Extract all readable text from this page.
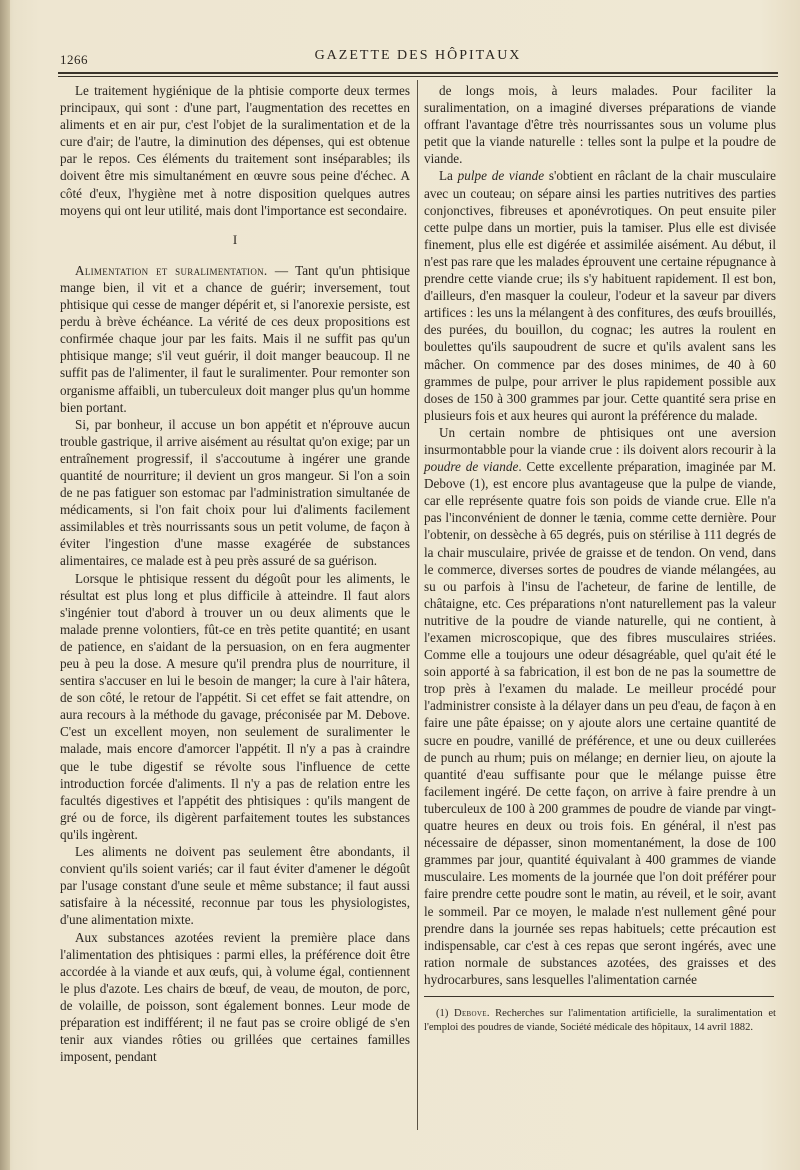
1266	GAZETTE DES HÔPITAUX

Le traitement hygiénique de la phtisie comporte deux termes principaux, qui sont : d'une part, l'augmentation des recettes en aliments et en air pur, c'est l'objet de la suralimentation et de la cure d'air; de l'autre, la diminution des dépenses, qui est obtenue par le repos. Ces éléments du traitement sont inséparables; ils doivent être mis simultanément en œuvre sous peine d'échec. A côté d'eux, l'hygiène met à notre disposition quelques autres moyens qui ont leur utilité, mais dont l'importance est secondaire.

I

Alimentation et suralimentation. — Tant qu'un phtisique mange bien, il vit et a chance de guérir; inversement, tout phtisique qui cesse de manger dépérit et, si l'anorexie persiste, est perdu à brève échéance. La vérité de ces deux propositions est confirmée chaque jour par les faits. Mais il ne suffit pas qu'un phtisique mange; s'il veut guérir, il doit manger beaucoup. Il ne suffit pas de l'alimenter, il faut le suralimenter. Pour remonter son organisme affaibli, un tuberculeux doit manger plus qu'un homme bien portant.

Si, par bonheur, il accuse un bon appétit et n'éprouve aucun trouble gastrique, il arrive aisément au résultat qu'on exige; par un entraînement progressif, il s'accoutume à ingérer une grande quantité de nourriture; il devient un gros mangeur. Si l'on a soin de ne pas fatiguer son estomac par l'administration simultanée de médicaments, si l'on fait choix pour lui d'aliments facilement assimilables et très nourrissants sous un petit volume, de façon à éviter l'ingestion d'une masse exagérée de substances alimentaires, ce malade est à peu près assuré de sa guérison.

Lorsque le phtisique ressent du dégoût pour les aliments, le résultat est plus long et plus difficile à atteindre. Il faut alors s'ingénier tout d'abord à trouver un ou deux aliments que le malade prenne volontiers, fût-ce en très petite quantité; en usant de patience, en s'aidant de la persuasion, on en fera augmenter peu à peu la dose. A mesure qu'il prendra plus de nourriture, il sentira s'accuser en lui le besoin de manger; la cure à l'air hâtera, de son côté, le retour de l'appétit. Si cet effet se fait attendre, on aura recours à la méthode du gavage, préconisée par M. Debove. C'est un excellent moyen, non seulement de suralimenter le malade, mais encore d'amorcer l'appétit. Il n'y a pas à craindre que le tube digestif se révolte sous l'influence de cette introduction forcée d'aliments. Il n'y a pas de relation entre les facultés digestives et l'appétit des phtisiques : qu'ils mangent de gré ou de force, ils digèrent parfaitement toutes les substances qu'ils ingèrent.

Les aliments ne doivent pas seulement être abondants, il convient qu'ils soient variés; car il faut éviter d'amener le dégoût par l'usage constant d'une seule et même substance; il faut aussi satisfaire à la nécessité, reconnue par tous les physiologistes, d'une alimentation mixte.

Aux substances azotées revient la première place dans l'alimentation des phtisiques : parmi elles, la préférence doit être accordée à la viande et aux œufs, qui, à volume égal, contiennent le plus d'azote. Les chairs de bœuf, de veau, de mouton, de porc, de volaille, de poisson, sont également bonnes. Leur mode de préparation est indifférent; il ne faut pas se croire obligé de s'en tenir aux viandes rôties ou grillées que certaines familles imposent, pendant

de longs mois, à leurs malades. Pour faciliter la suralimentation, on a imaginé diverses préparations de viande offrant l'avantage d'être très nourrissantes sous un volume plus petit que la viande naturelle : telles sont la pulpe et la poudre de viande.

La pulpe de viande s'obtient en râclant de la chair musculaire avec un couteau; on sépare ainsi les parties nutritives des parties conjonctives, fibreuses et aponévrotiques. On peut ensuite piler cette pulpe dans un mortier, puis la tamiser. Plus elle est divisée finement, plus elle est digérée et assimilée aisément. Au début, il n'est pas rare que les malades éprouvent une certaine répugnance à prendre cette viande crue; ils s'y habituent rapidement. Il est bon, d'ailleurs, d'en masquer la couleur, l'odeur et la saveur par divers artifices : les uns la mélangent à des confitures, des œufs brouillés, des purées, du bouillon, du cognac; les autres la roulent en boulettes qu'ils saupoudrent de sucre et qu'ils avalent sans les mâcher. On commence par des doses minimes, de 40 à 60 grammes de pulpe, pour arriver le plus rapidement possible aux doses de 150 à 300 grammes par jour. Cette quantité sera prise en plusieurs fois et aux heures qui auront la préférence du malade.

Un certain nombre de phtisiques ont une aversion insurmontabble pour la viande crue : ils doivent alors recourir à la poudre de viande. Cette excellente préparation, imaginée par M. Debove (1), est encore plus avantageuse que la pulpe de viande, car elle représente quatre fois son poids de viande crue. Elle n'a pas l'inconvénient de donner le tænia, comme cette dernière. Pour l'obtenir, on dessèche à 65 degrés, puis on stérilise à 111 degrés de la chair musculaire, privée de graisse et de tendon. On vend, dans le commerce, diverses sortes de poudres de viande mélangées, au su ou parfois à l'insu de l'acheteur, de farine de lentille, de châtaigne, etc. Ces préparations n'ont naturellement pas la valeur nutritive de la poudre de viande naturelle, qui ne contient, à l'examen microscopique, que des fibres musculaires striées. Comme elle a toujours une odeur désagréable, quel qu'ait été le soin apporté à sa fabrication, il est bon de ne pas la soumettre de trop près à l'examen du malade. Le meilleur procédé pour l'administrer consiste à la délayer dans un peu d'eau, de façon à en faire une pâte épaisse; on y ajoute alors une certaine quantité de sucre en poudre, vanillé de préférence, et une ou deux cuillerées de punch au rhum; puis on mélange; en dernier lieu, on ajoute la quantité d'eau suffisante pour que le mélange puisse être facilement ingéré. De cette façon, on arrive à faire prendre à un tuberculeux de 100 à 200 grammes de poudre de viande par vingt-quatre heures en deux ou trois fois. En général, il n'est pas nécessaire de dépasser, sinon momentanément, la dose de 100 grammes par jour, quantité équivalant à 400 grammes de viande musculaire. Les moments de la journée que l'on doit préférer pour faire prendre cette poudre sont le matin, au réveil, et le soir, avant le sommeil. Par ce moyen, le malade n'est nullement gêné pour prendre dans la journée ses repas habituels; cette précaution est indispensable, car c'est à ces repas que seront ingérés, avec une ration normale de substances azotées, des graisses et des hydrocarbures, sans lesquelles l'alimentation carnée

(1) Debove. Recherches sur l'alimentation artificielle, la suralimentation et l'emploi des poudres de viande, Société médicale des hôpitaux, 14 avril 1882.
